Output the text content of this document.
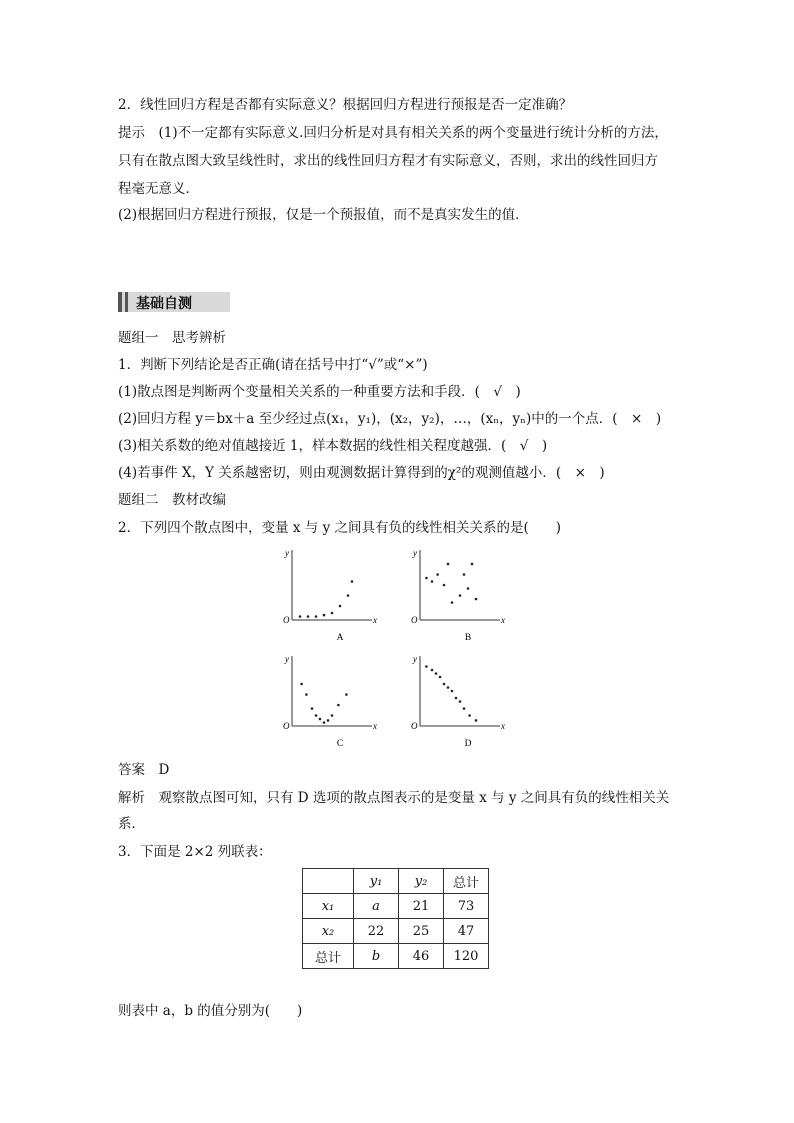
2．线性回归方程是否都有实际意义？根据回归方程进行预报是否一定准确？
提示　(1)不一定都有实际意义.回归分析是对具有相关关系的两个变量进行统计分析的方法，
只有在散点图大致呈线性时，求出的线性回归方程才有实际意义，否则，求出的线性回归方
程毫无意义．
(2)根据回归方程进行预报，仅是一个预报值，而不是真实发生的值．
基础自测
题组一　思考辨析
1．判断下列结论是否正确(请在括号中打“√”或“×”)
(1)散点图是判断两个变量相关关系的一种重要方法和手段．(　√　)
(2)回归方程 y＝bx＋a 至少经过点(x₁，y₁)，(x₂，y₂)，…，(xₙ，yₙ)中的一个点．(　×　)
(3)相关系数的绝对值越接近 1，样本数据的线性相关程度越强．(　√　)
(4)若事件 X，Y 关系越密切，则由观测数据计算得到的χ²的观测值越小．(　×　)
题组二　教材改编
2．下列四个散点图中，变量 x 与 y 之间具有负的线性相关关系的是(　　)
y
x
O
A
y
x
O
B
y
x
O
C
y
x
O
D
答案　D
解析　观察散点图可知，只有 D 选项的散点图表示的是变量 x 与 y 之间具有负的线性相关关
系．
3．下面是 2×2 列联表：
	y₁	y₂	总计
x₁	a	21	73
x₂	22	25	47
总计	b	46	120
则表中 a，b 的值分别为(　　)
